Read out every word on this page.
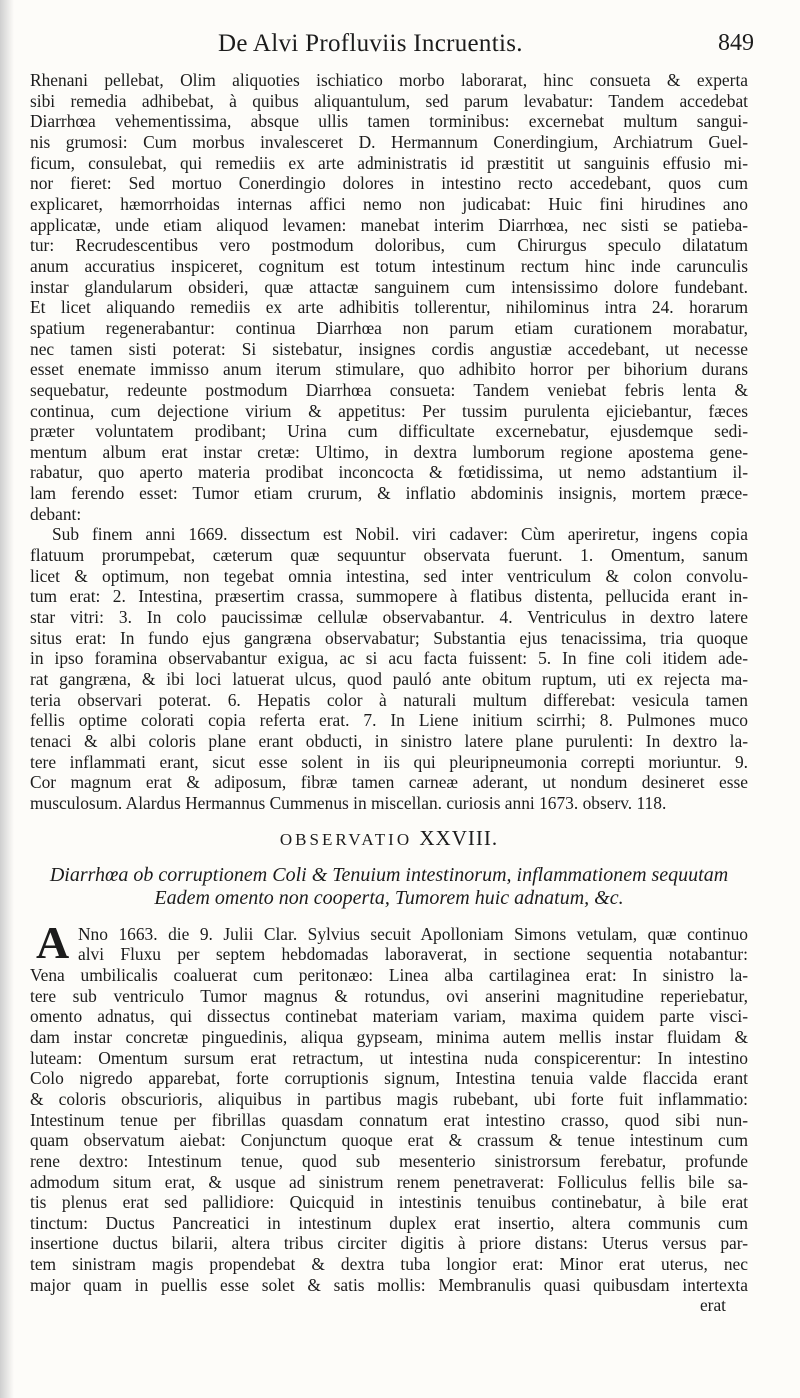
De Alvi Profluviis Incruentis.	849
Rhenani pellebat, Olim aliquoties ischiatico morbo laborarat, hinc consueta & experta
sibi remedia adhibebat, à quibus aliquantulum, sed parum levabatur: Tandem accedebat
Diarrhœa vehementissima, absque ullis tamen torminibus: excernebat multum sangui-
nis grumosi: Cum morbus invalesceret D. Hermannum Conerdingium, Archiatrum Guel-
ficum, consulebat, qui remediis ex arte administratis id præstitit ut sanguinis effusio mi-
nor fieret: Sed mortuo Conerdingio dolores in intestino recto accedebant, quos cum
explicaret, hæmorrhoidas internas affici nemo non judicabat: Huic fini hirudines ano
applicatæ, unde etiam aliquod levamen: manebat interim Diarrhœa, nec sisti se patieba-
tur: Recrudescentibus vero postmodum doloribus, cum Chirurgus speculo dilatatum
anum accuratius inspiceret, cognitum est totum intestinum rectum hinc inde carunculis
instar glandularum obsideri, quæ attactæ sanguinem cum intensissimo dolore fundebant.
Et licet aliquando remediis ex arte adhibitis tollerentur, nihilominus intra 24. horarum
spatium regenerabantur: continua Diarrhœa non parum etiam curationem morabatur,
nec tamen sisti poterat: Si sistebatur, insignes cordis angustiæ accedebant, ut necesse
esset enemate immisso anum iterum stimulare, quo adhibito horror per bihorium durans
sequebatur, redeunte postmodum Diarrhœa consueta: Tandem veniebat febris lenta &
continua, cum dejectione virium & appetitus: Per tussim purulenta ejiciebantur, fæces
præter voluntatem prodibant; Urina cum difficultate excernebatur, ejusdemque sedi-
mentum album erat instar cretæ: Ultimo, in dextra lumborum regione apostema gene-
rabatur, quo aperto materia prodibat inconcocta & fœtidissima, ut nemo adstantium il-
lam ferendo esset: Tumor etiam crurum, & inflatio abdominis insignis, mortem præce-
debant:
Sub finem anni 1669. dissectum est Nobil. viri cadaver: Cùm aperiretur, ingens copia
flatuum prorumpebat, cæterum quæ sequuntur observata fuerunt. 1. Omentum, sanum
licet & optimum, non tegebat omnia intestina, sed inter ventriculum & colon convolu-
tum erat: 2. Intestina, præsertim crassa, summopere à flatibus distenta, pellucida erant in-
star vitri: 3. In colo paucissimæ cellulæ observabantur. 4. Ventriculus in dextro latere
situs erat: In fundo ejus gangræna observabatur; Substantia ejus tenacissima, tria quoque
in ipso foramina observabantur exigua, ac si acu facta fuissent: 5. In fine coli itidem ade-
rat gangræna, & ibi loci latuerat ulcus, quod pauló ante obitum ruptum, uti ex rejecta ma-
teria observari poterat. 6. Hepatis color à naturali multum differebat: vesicula tamen
fellis optime colorati copia referta erat. 7. In Liene initium scirrhi; 8. Pulmones muco
tenaci & albi coloris plane erant obducti, in sinistro latere plane purulenti: In dextro la-
tere inflammati erant, sicut esse solent in iis qui pleuripneumonia correpti moriuntur. 9.
Cor magnum erat & adiposum, fibræ tamen carneæ aderant, ut nondum desineret esse
musculosum. Alardus Hermannus Cummenus in miscellan. curiosis anni 1673. observ. 118.
OBSERVATIO XXVIII.
Diarrhœa ob corruptionem Coli & Tenuium intestinorum, inflammationem sequutam
Eadem omento non cooperta, Tumorem huic adnatum, &c.
A Nno 1663. die 9. Julii Clar. Sylvius secuit Apolloniam Simons vetulam, quæ continuo
alvi Fluxu per septem hebdomadas laboraverat, in sectione sequentia notabantur:
Vena umbilicalis coaluerat cum peritonæo: Linea alba cartilaginea erat: In sinistro la-
tere sub ventriculo Tumor magnus & rotundus, ovi anserini magnitudine reperiebatur,
omento adnatus, qui dissectus continebat materiam variam, maxima quidem parte visci-
dam instar concretæ pinguedinis, aliqua gypseam, minima autem mellis instar fluidam &
luteam: Omentum sursum erat retractum, ut intestina nuda conspicerentur: In intestino
Colo nigredo apparebat, forte corruptionis signum, Intestina tenuia valde flaccida erant
& coloris obscurioris, aliquibus in partibus magis rubebant, ubi forte fuit inflammatio:
Intestinum tenue per fibrillas quasdam connatum erat intestino crasso, quod sibi nun-
quam observatum aiebat: Conjunctum quoque erat & crassum & tenue intestinum cum
rene dextro: Intestinum tenue, quod sub mesenterio sinistrorsum ferebatur, profunde
admodum situm erat, & usque ad sinistrum renem penetraverat: Folliculus fellis bile sa-
tis plenus erat sed pallidiore: Quicquid in intestinis tenuibus continebatur, à bile erat
tinctum: Ductus Pancreatici in intestinum duplex erat insertio, altera communis cum
insertione ductus bilarii, altera tribus circiter digitis à priore distans: Uterus versus par-
tem sinistram magis propendebat & dextra tuba longior erat: Minor erat uterus, nec
major quam in puellis esse solet & satis mollis: Membranulis quasi quibusdam intertexta
erat
